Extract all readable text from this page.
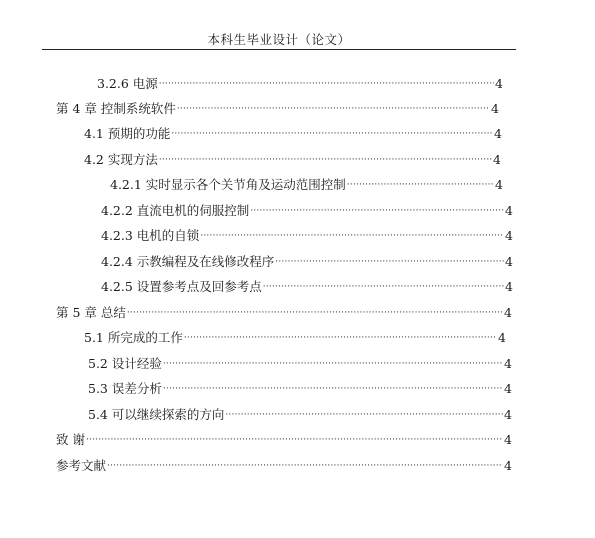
本科生毕业设计（论文）
3.2.6 电源 ·····	4
第 4 章 控制系统软件 ·····	4
4.1 预期的功能 ·····	4
4.2 实现方法 ·····	4
4.2.1 实时显示各个关节角及运动范围控制 ·····	4
4.2.2 直流电机的伺服控制 ·····	4
4.2.3 电机的自锁 ·····	4
4.2.4 示教编程及在线修改程序 ·····	4
4.2.5 设置参考点及回参考点 ·····	4
第 5 章 总结 ·····	4
5.1 所完成的工作 ·····	4
5.2 设计经验 ·····	4
5.3 误差分析 ·····	4
5.4 可以继续探索的方向 ·····	4
致 谢 ·····	4
参考文献 ·····	4
